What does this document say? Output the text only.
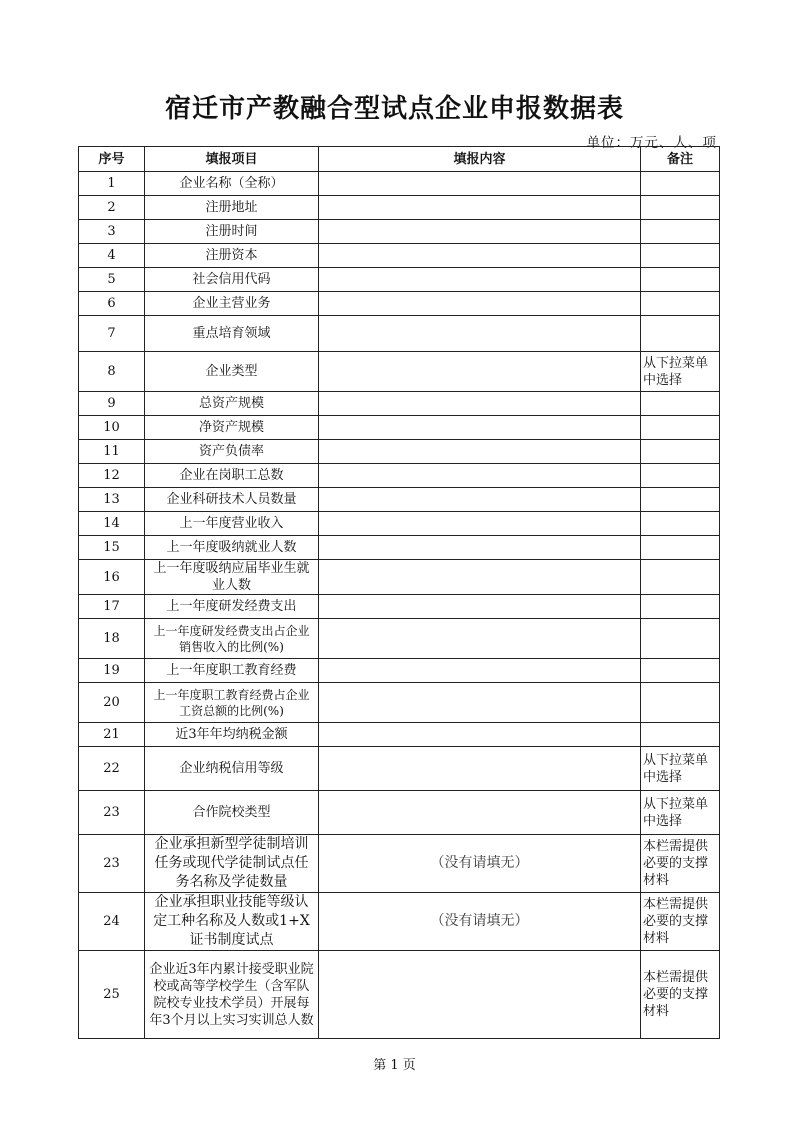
宿迁市产教融合型试点企业申报数据表
单位：万元、人、项
序号	填报项目	填报内容	备注
1	企业名称（全称）		
2	注册地址		
3	注册时间		
4	注册资本		
5	社会信用代码		
6	企业主营业务		
7	重点培育领域		
8	企业类型		从下拉菜单中选择
9	总资产规模		
10	净资产规模		
11	资产负债率		
12	企业在岗职工总数		
13	企业科研技术人员数量		
14	上一年度营业收入		
15	上一年度吸纳就业人数		
16	上一年度吸纳应届毕业生就业人数		
17	上一年度研发经费支出		
18	上一年度研发经费支出占企业销售收入的比例(%)		
19	上一年度职工教育经费		
20	上一年度职工教育经费占企业工资总额的比例(%)		
21	近3年年均纳税金额		
22	企业纳税信用等级		从下拉菜单中选择
23	合作院校类型		从下拉菜单中选择
23	企业承担新型学徒制培训任务或现代学徒制试点任务名称及学徒数量	（没有请填无）	本栏需提供必要的支撑材料
24	企业承担职业技能等级认定工种名称及人数或1+X证书制度试点	（没有请填无）	本栏需提供必要的支撑材料
25	企业近3年内累计接受职业院校或高等学校学生（含军队院校专业技术学员）开展每年3个月以上实习实训总人数		本栏需提供必要的支撑材料
第 1 页
